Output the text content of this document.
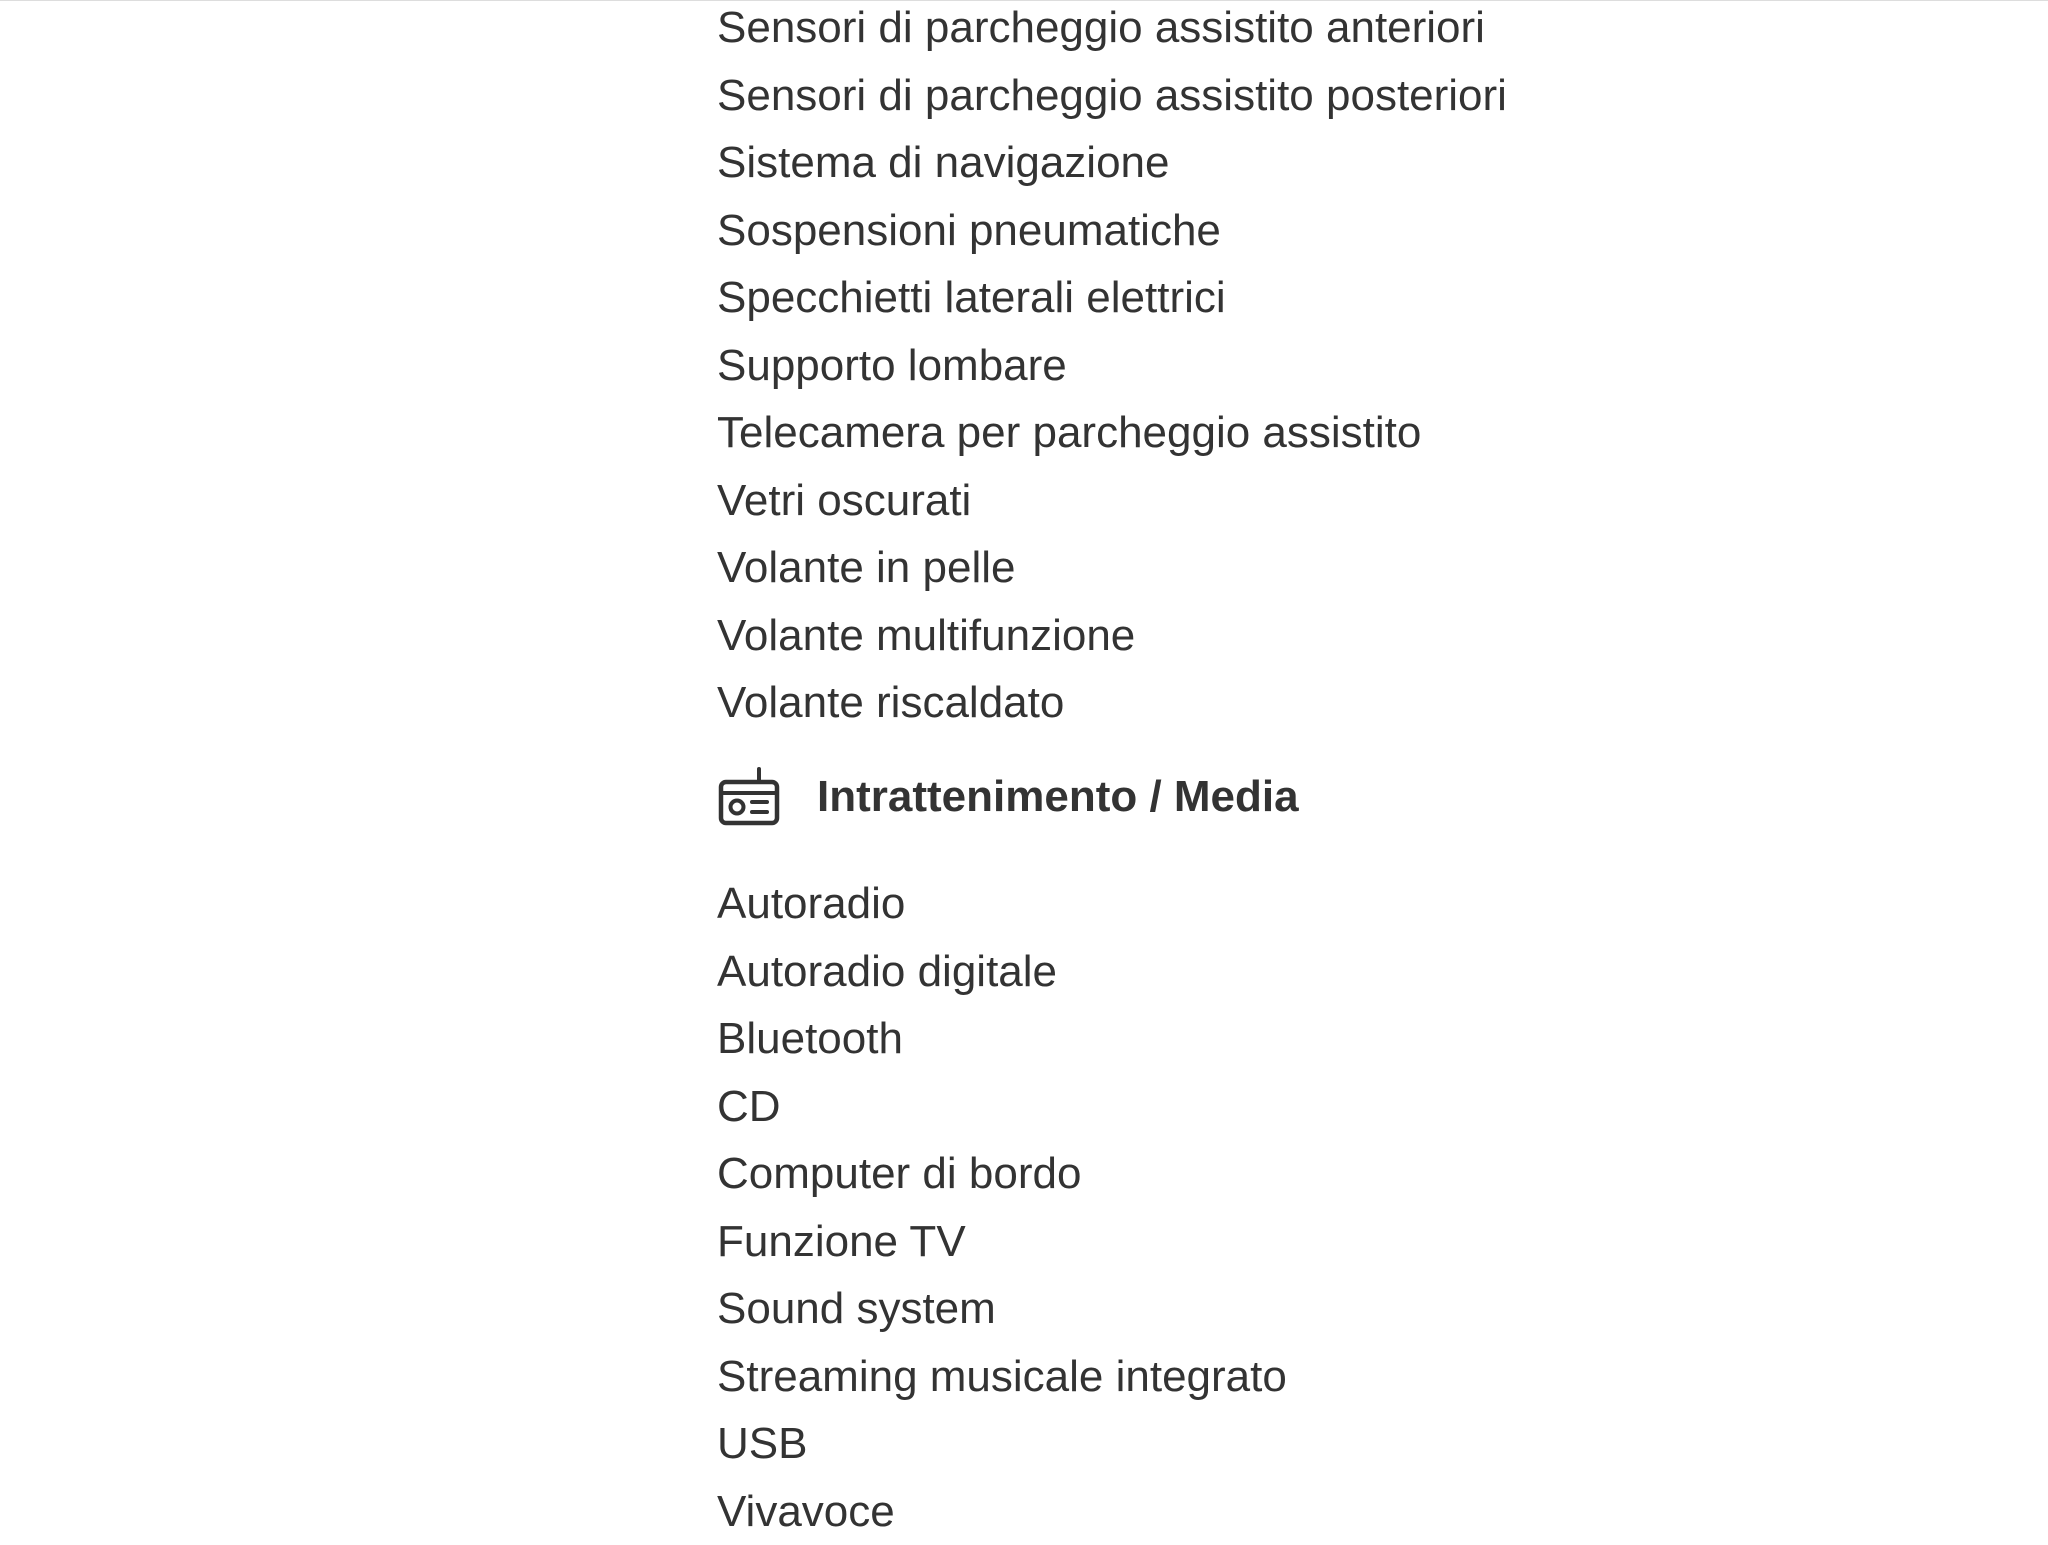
Sensori di parcheggio assistito anteriori
Sensori di parcheggio assistito posteriori
Sistema di navigazione
Sospensioni pneumatiche
Specchietti laterali elettrici
Supporto lombare
Telecamera per parcheggio assistito
Vetri oscurati
Volante in pelle
Volante multifunzione
Volante riscaldato
Intrattenimento / Media
Autoradio
Autoradio digitale
Bluetooth
CD
Computer di bordo
Funzione TV
Sound system
Streaming musicale integrato
USB
Vivavoce
